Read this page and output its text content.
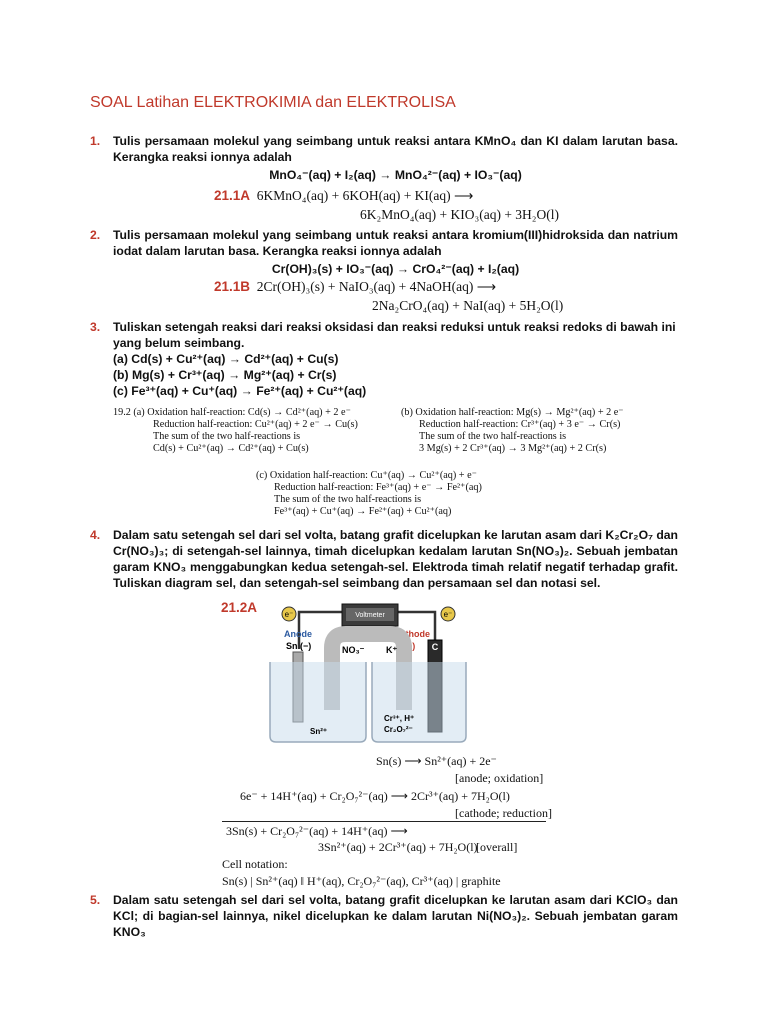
SOAL Latihan ELEKTROKIMIA dan ELEKTROLISA
1. Tulis persamaan molekul yang seimbang untuk reaksi antara KMnO₄ dan KI dalam larutan basa. Kerangka reaksi ionnya adalah
MnO₄⁻(aq) + I₂(aq) → MnO₄²⁻(aq) + IO₃⁻(aq)
21.1A 6KMnO₄(aq) + 6KOH(aq) + KI(aq) ⟶
6K₂MnO₄(aq) + KIO₃(aq) + 3H₂O(l)
2. Tulis persamaan molekul yang seimbang untuk reaksi antara kromium(III)hidroksida dan natrium iodat dalam larutan basa. Kerangka reaksi ionnya adalah
Cr(OH)₃(s) + IO₃⁻(aq) → CrO₄²⁻(aq) + I₂(aq)
21.1B 2Cr(OH)₃(s) + NaIO₃(aq) + 4NaOH(aq) ⟶
2Na₂CrO₄(aq) + NaI(aq) + 5H₂O(l)
3. Tuliskan setengah reaksi dari reaksi oksidasi dan reaksi reduksi untuk reaksi redoks di bawah ini yang belum seimbang.
(a) Cd(s) + Cu²⁺(aq) → Cd²⁺(aq) + Cu(s)
(b) Mg(s) + Cr³⁺(aq) → Mg²⁺(aq) + Cr(s)
(c) Fe³⁺(aq) + Cu⁺(aq) → Fe²⁺(aq) + Cu²⁺(aq)
19.2 (a) Oxidation half-reaction: Cd(s) → Cd²⁺(aq) + 2 e⁻
Reduction half-reaction: Cu²⁺(aq) + 2 e⁻ → Cu(s)
The sum of the two half-reactions is
Cd(s) + Cu²⁺(aq) → Cd²⁺(aq) + Cu(s)
(b) Oxidation half-reaction: Mg(s) → Mg²⁺(aq) + 2 e⁻
Reduction half-reaction: Cr³⁺(aq) + 3 e⁻ → Cr(s)
The sum of the two half-reactions is
3 Mg(s) + 2 Cr³⁺(aq) → 3 Mg²⁺(aq) + 2 Cr(s)
(c) Oxidation half-reaction: Cu⁺(aq) → Cu²⁺(aq) + e⁻
Reduction half-reaction: Fe³⁺(aq) + e⁻ → Fe²⁺(aq)
The sum of the two half-reactions is
Fe³⁺(aq) + Cu⁺(aq) → Fe²⁺(aq) + Cu²⁺(aq)
4. Dalam satu setengah sel dari sel volta, batang grafit dicelupkan ke larutan asam dari K₂Cr₂O₇ dan Cr(NO₃)₃; di setengah-sel lainnya, timah dicelupkan kedalam larutan Sn(NO₃)₂. Sebuah jembatan garam KNO₃ menggabungkan kedua setengah-sel. Elektroda timah relatif negatif terhadap grafit. Tuliskan diagram sel, dan setengah-sel seimbang dan persamaan sel dan notasi sel.
21.2A	e⁻	e⁻
Voltmeter
Anode
Sn (−)
Cathode
(+) C
NO₃⁻ K⁺
Sn²⁺
Cr³⁺, H⁺
Cr₂O₇²⁻
Sn(s) ⟶ Sn²⁺(aq) + 2e⁻
[anode; oxidation]
6e⁻ + 14H⁺(aq) + Cr₂O₇²⁻(aq) ⟶ 2Cr³⁺(aq) + 7H₂O(l)
[cathode; reduction]
3Sn(s) + Cr₂O₇²⁻(aq) + 14H⁺(aq) ⟶
3Sn²⁺(aq) + 2Cr³⁺(aq) + 7H₂O(l)
[overall]
Cell notation:
Sn(s) | Sn²⁺(aq) ‖ H⁺(aq), Cr₂O₇²⁻(aq), Cr³⁺(aq) | graphite
5. Dalam satu setengah sel dari sel volta, batang grafit dicelupkan ke larutan asam dari KClO₃ dan KCl; di bagian-sel lainnya, nikel dicelupkan ke dalam larutan Ni(NO₃)₂. Sebuah jembatan garam KNO₃
